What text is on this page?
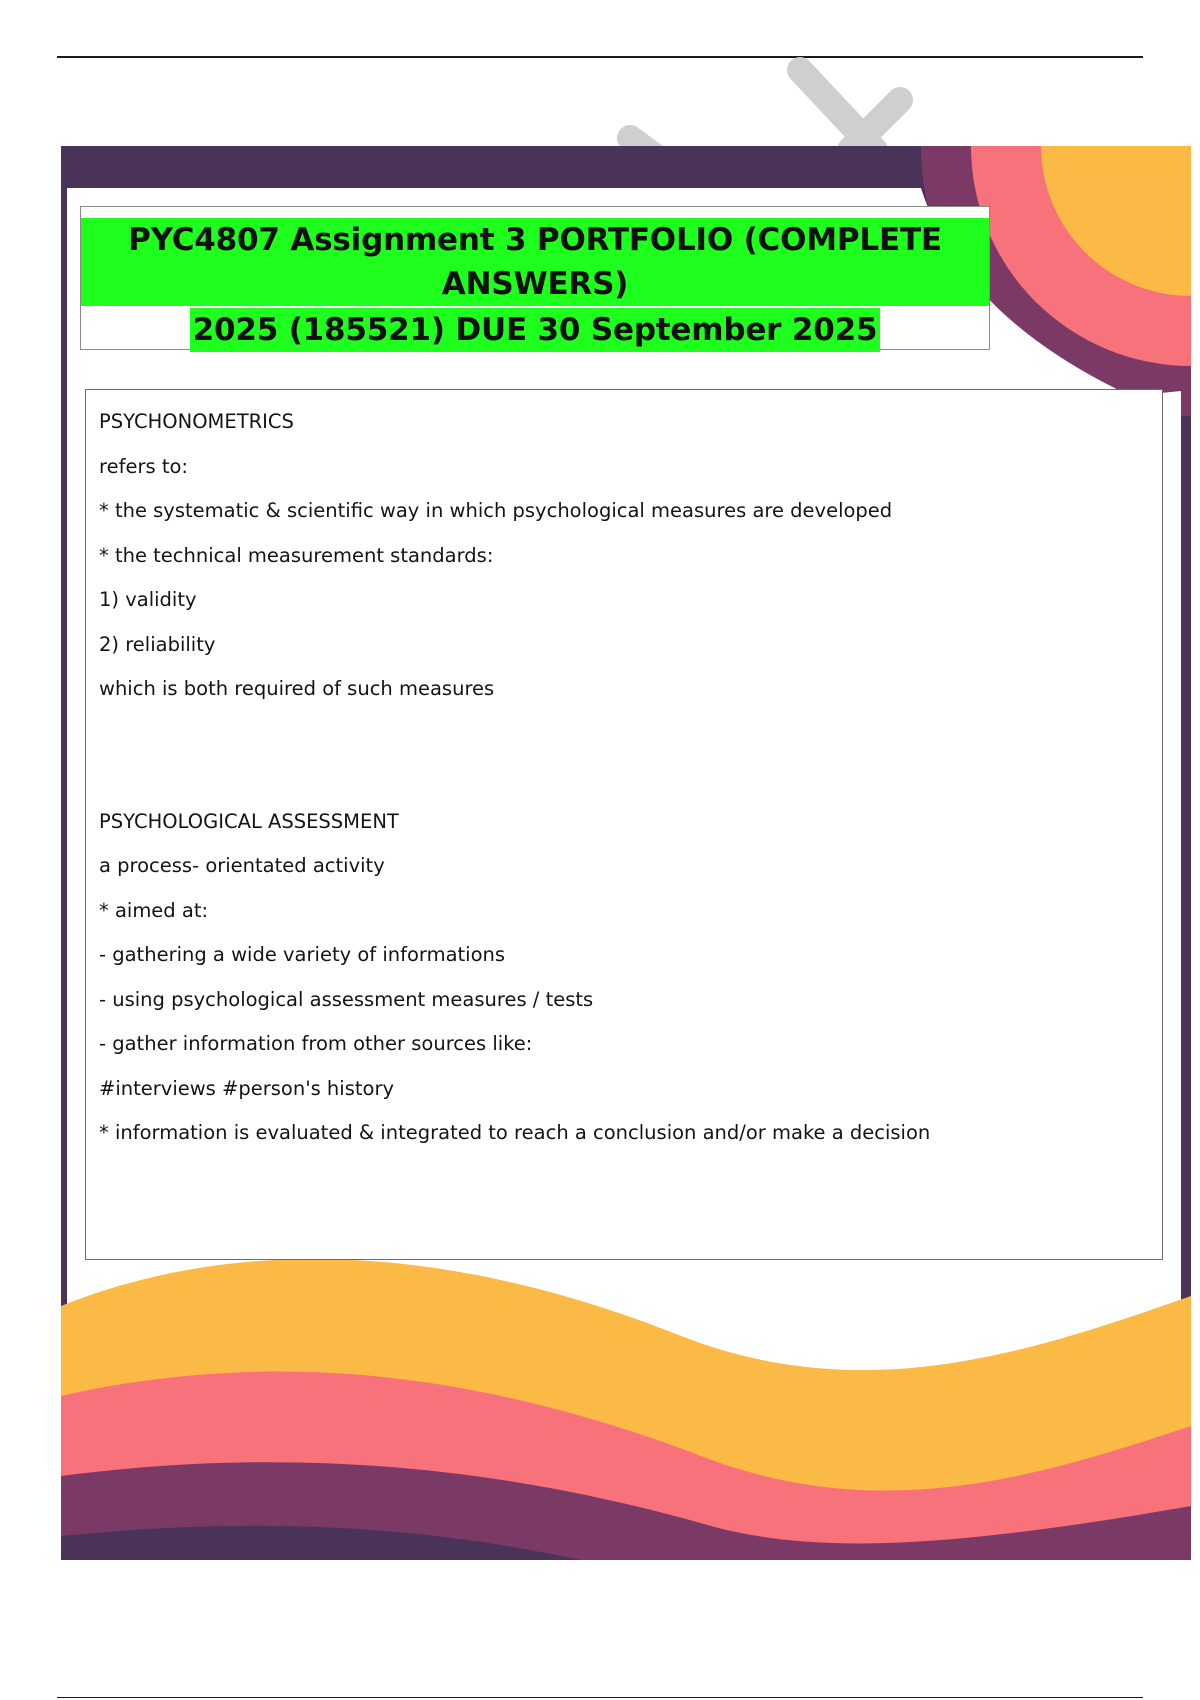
PYC4807 Assignment 3 PORTFOLIO (COMPLETE ANSWERS)
2025 (185521) DUE 30 September 2025

PSYCHONOMETRICS

refers to:

* the systematic & scientific way in which psychological measures are developed

* the technical measurement standards:

1) validity

2) reliability

which is both required of such measures

PSYCHOLOGICAL ASSESSMENT

a process- orientated activity

* aimed at:

- gathering a wide variety of informations

- using psychological assessment measures / tests

- gather information from other sources like:

#interviews #person's history

* information is evaluated & integrated to reach a conclusion and/or make a decision
